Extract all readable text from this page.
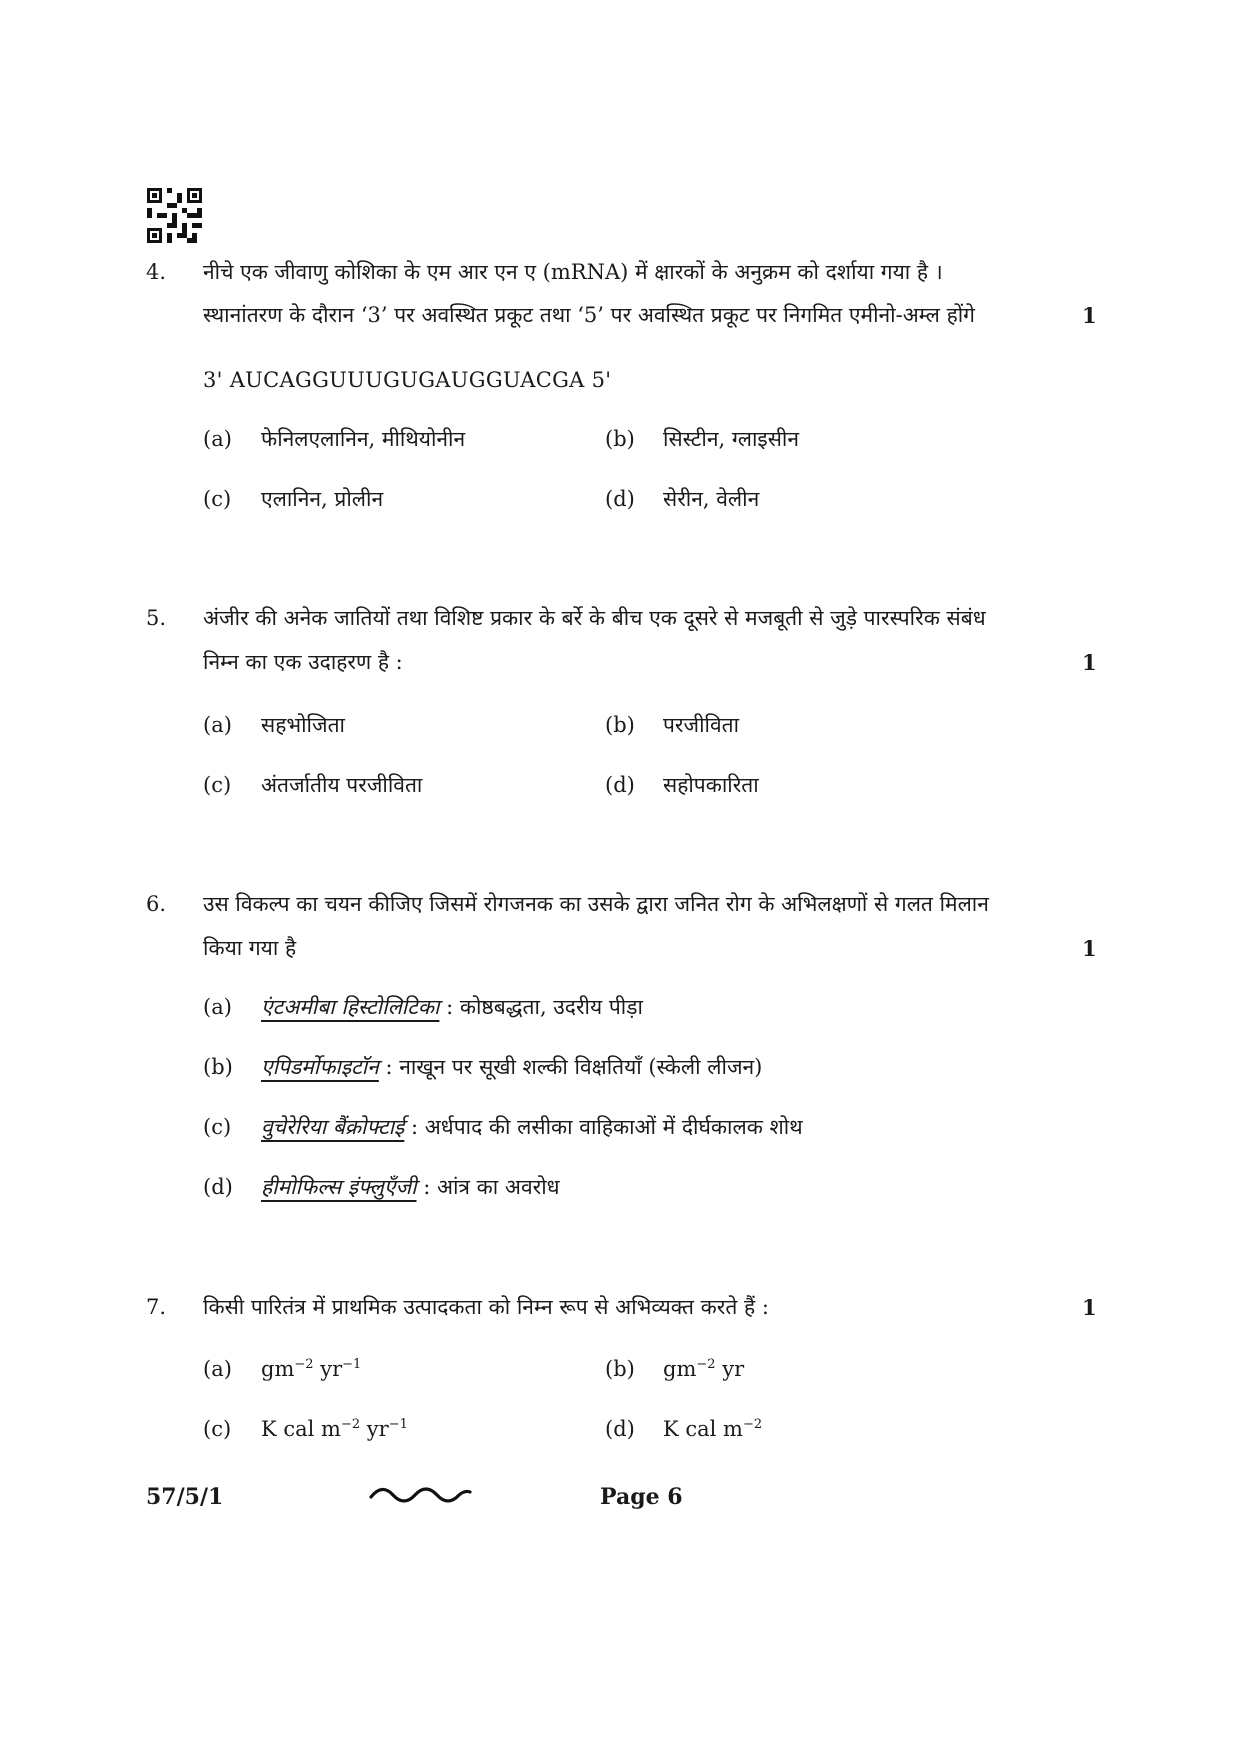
4. नीचे एक जीवाणु कोशिका के एम आर एन ए (mRNA) में क्षारकों के अनुक्रम को दर्शाया गया है ।
स्थानांतरण के दौरान ‘3’ पर अवस्थित प्रकूट तथा ‘5’ पर अवस्थित प्रकूट पर निगमित एमीनो-अम्ल होंगे	1
3' AUCAGGUUUGUGAUGGUACGA 5'
(a) फेनिलएलानिन, मीथियोनीन	(b) सिस्टीन, ग्लाइसीन
(c) एलानिन, प्रोलीन	(d) सेरीन, वेलीन
5. अंजीर की अनेक जातियों तथा विशिष्ट प्रकार के बर्रे के बीच एक दूसरे से मजबूती से जुड़े पारस्परिक संबंध
निम्न का एक उदाहरण है :	1
(a) सहभोजिता	(b) परजीविता
(c) अंतर्जातीय परजीविता	(d) सहोपकारिता
6. उस विकल्प का चयन कीजिए जिसमें रोगजनक का उसके द्वारा जनित रोग के अभिलक्षणों से गलत मिलान
किया गया है	1
(a) एंटअमीबा हिस्टोलिटिका : कोष्ठबद्धता, उदरीय पीड़ा
(b) एपिडर्मोफाइटॉन : नाखून पर सूखी शल्की विक्षतियाँ (स्केली लीजन)
(c) वुचेरेरिया बैंक्रोफ्टाई : अर्धपाद की लसीका वाहिकाओं में दीर्घकालक शोथ
(d) हीमोफिल्स इंफ्लुएँजी : आंत्र का अवरोध
7. किसी पारितंत्र में प्राथमिक उत्पादकता को निम्न रूप से अभिव्यक्त करते हैं :	1
(a) $gm^{-2}$ $yr^{-1}$	(b) $gm^{-2}$ yr
(c) K cal $m^{-2}$ $yr^{-1}$	(d) K cal $m^{-2}$
57/5/1	Page 6
